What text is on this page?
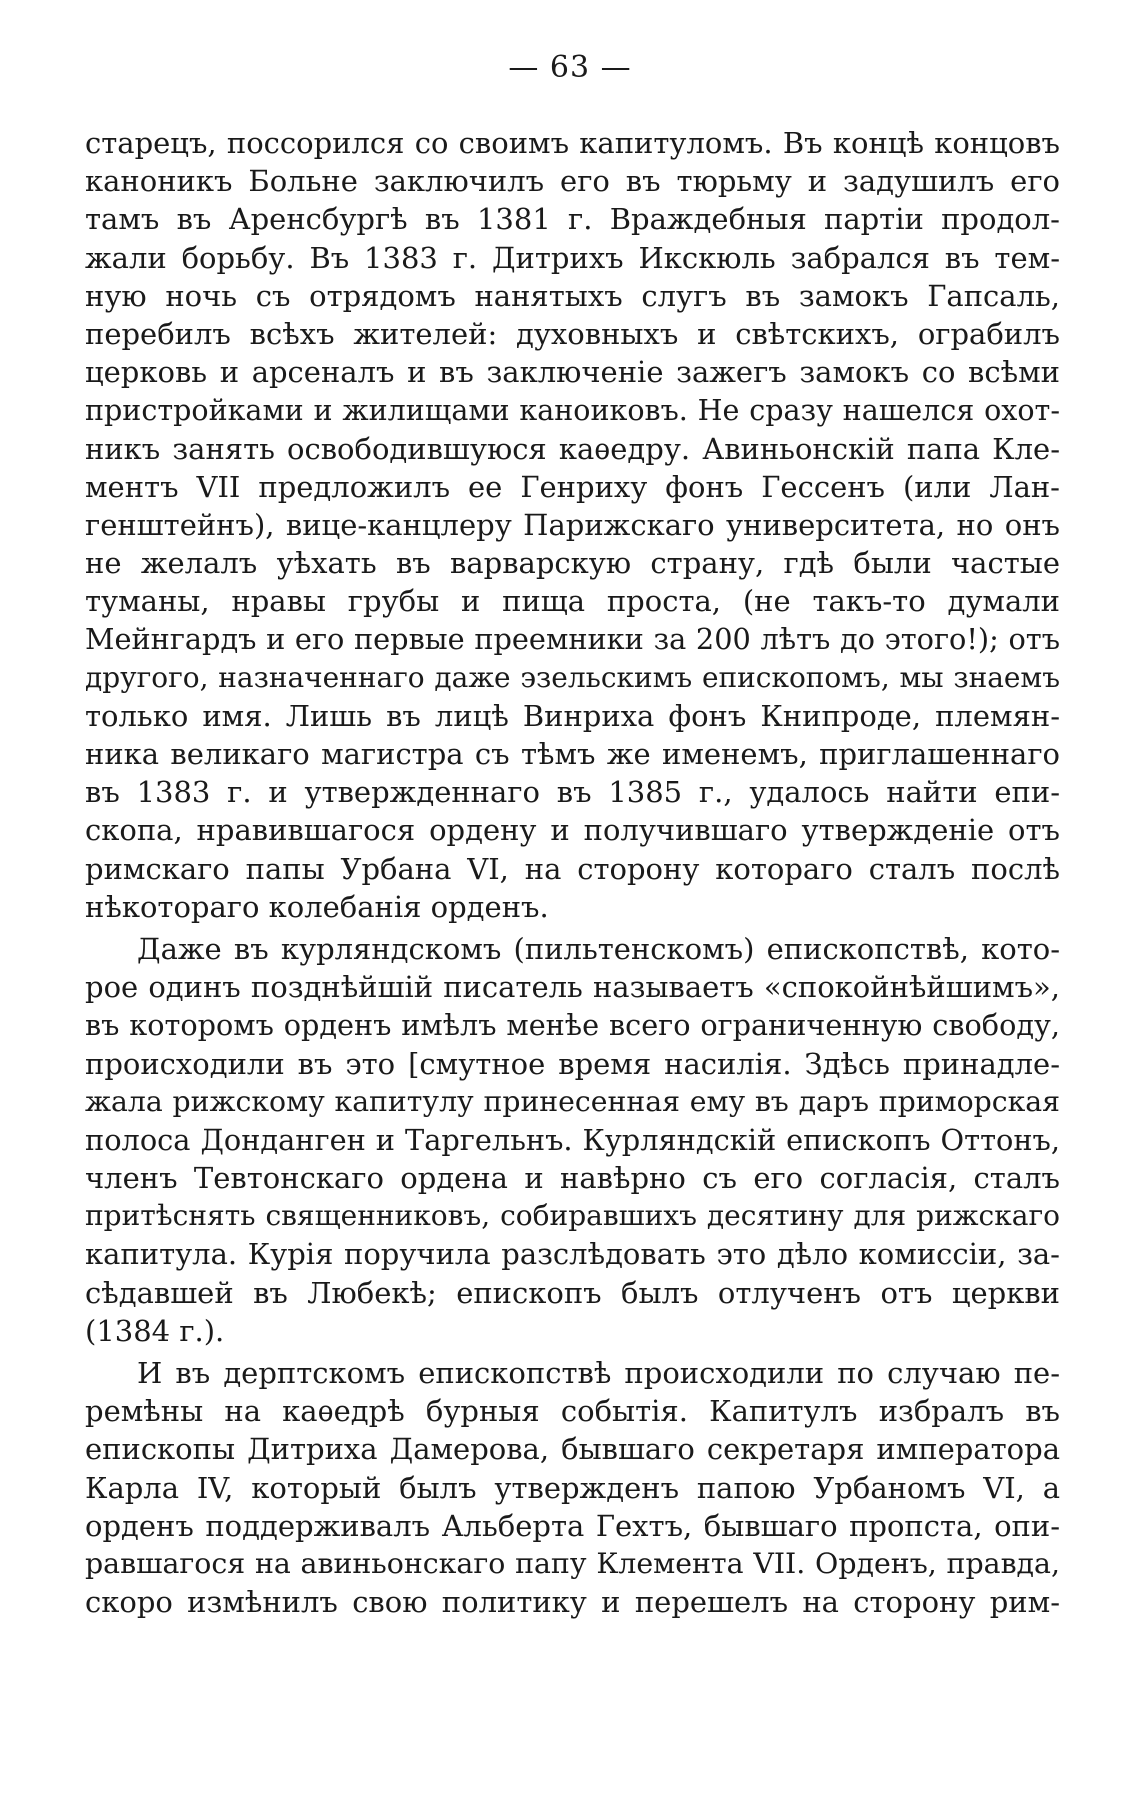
— 63 —
старецъ, поссорился со своимъ капитуломъ. Въ концѣ концовъ
каноникъ Больне заключилъ его въ тюрьму и задушилъ его
тамъ въ Аренсбургѣ въ 1381 г. Враждебныя партіи продол-
жали борьбу. Въ 1383 г. Дитрихъ Икскюль забрался въ тем-
ную ночь съ отрядомъ нанятыхъ слугъ въ замокъ Гапсаль,
перебилъ всѣхъ жителей: духовныхъ и свѣтскихъ, ограбилъ
церковь и арсеналъ и въ заключеніе зажегъ замокъ со всѣми
пристройками и жилищами каноиковъ. Не сразу нашелся охот-
никъ занять освободившуюся каѳедру. Авиньонскій папа Кле-
ментъ VII предложилъ ее Генриху фонъ Гессенъ (или Лан-
генштейнъ), вице-канцлеру Парижскаго университета, но онъ
не желалъ уѣхать въ варварскую страну, гдѣ были частые
туманы, нравы грубы и пища проста, (не такъ-то думали
Мейнгардъ и его первые преемники за 200 лѣтъ до этого!); отъ
другого, назначеннаго даже эзельскимъ епископомъ, мы знаемъ
только имя. Лишь въ лицѣ Винриха фонъ Книпроде, племян-
ника великаго магистра съ тѣмъ же именемъ, приглашеннаго
въ 1383 г. и утвержденнаго въ 1385 г., удалось найти епи-
скопа, нравившагося ордену и получившаго утвержденіе отъ
римскаго папы Урбана VI, на сторону котораго сталъ послѣ
нѣкотораго колебанія орденъ.
Даже въ курляндскомъ (пильтенскомъ) епископствѣ, кото-
рое одинъ позднѣйшій писатель называетъ «спокойнѣйшимъ»,
въ которомъ орденъ имѣлъ менѣе всего ограниченную свободу,
происходили въ это [смутное время насилія. Здѣсь принадле-
жала рижскому капитулу принесенная ему въ даръ приморская
полоса Донданген и Таргельнъ. Курляндскій епископъ Оттонъ,
членъ Тевтонскаго ордена и навѣрно съ его согласія, сталъ
притѣснять священниковъ, собиравшихъ десятину для рижскаго
капитула. Курія поручила разслѣдовать это дѣло комиссіи, за-
сѣдавшей въ Любекѣ; епископъ былъ отлученъ отъ церкви
(1384 г.).
И въ дерптскомъ епископствѣ происходили по случаю пе-
ремѣны на каѳедрѣ бурныя событія. Капитулъ избралъ въ
епископы Дитриха Дамерова, бывшаго секретаря императора
Карла IV, который былъ утвержденъ папою Урбаномъ VI, а
орденъ поддерживалъ Альберта Гехтъ, бывшаго пропста, опи-
равшагося на авиньонскаго папу Клемента VII. Орденъ, правда,
скоро измѣнилъ свою политику и перешелъ на сторону рим-
